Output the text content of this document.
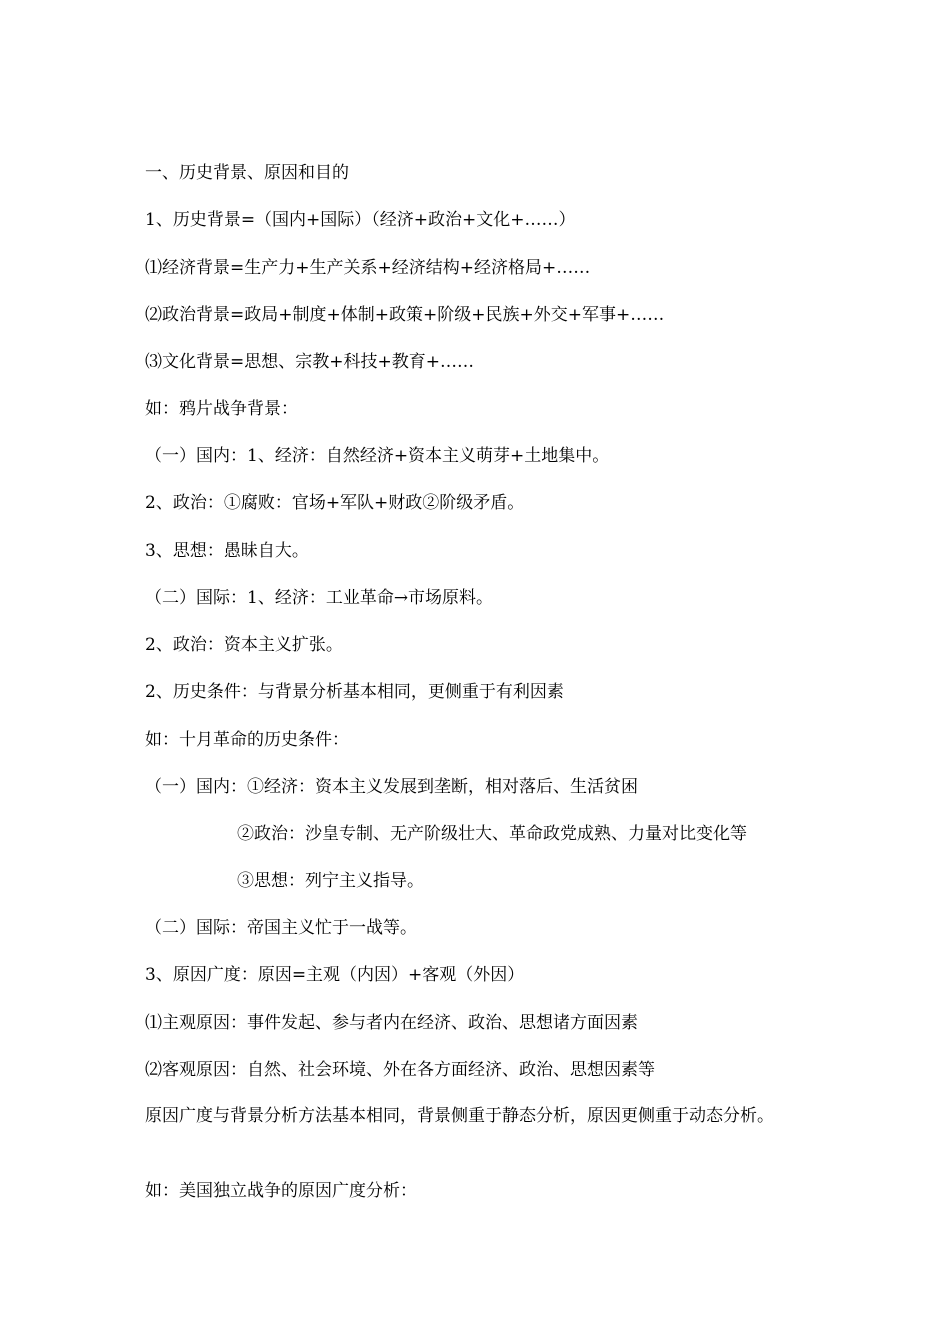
一、历史背景、原因和目的
1、历史背景=（国内+国际）（经济+政治+文化+……）
⑴经济背景=生产力+生产关系+经济结构+经济格局+……
⑵政治背景=政局+制度+体制+政策+阶级+民族+外交+军事+……
⑶文化背景=思想、宗教+科技+教育+……
如：鸦片战争背景：
（一）国内：1、经济：自然经济+资本主义萌芽+土地集中。
2、政治：①腐败：官场+军队+财政②阶级矛盾。
3、思想：愚昧自大。
（二）国际：1、经济：工业革命→市场原料。
2、政治：资本主义扩张。
2、历史条件：与背景分析基本相同，更侧重于有利因素
如：十月革命的历史条件：
（一）国内：①经济：资本主义发展到垄断，相对落后、生活贫困
②政治：沙皇专制、无产阶级壮大、革命政党成熟、力量对比变化等
③思想：列宁主义指导。
（二）国际：帝国主义忙于一战等。
3、原因广度：原因=主观（内因）+客观（外因）
⑴主观原因：事件发起、参与者内在经济、政治、思想诸方面因素
⑵客观原因：自然、社会环境、外在各方面经济、政治、思想因素等
原因广度与背景分析方法基本相同，背景侧重于静态分析，原因更侧重于动态分析。
如：美国独立战争的原因广度分析：
